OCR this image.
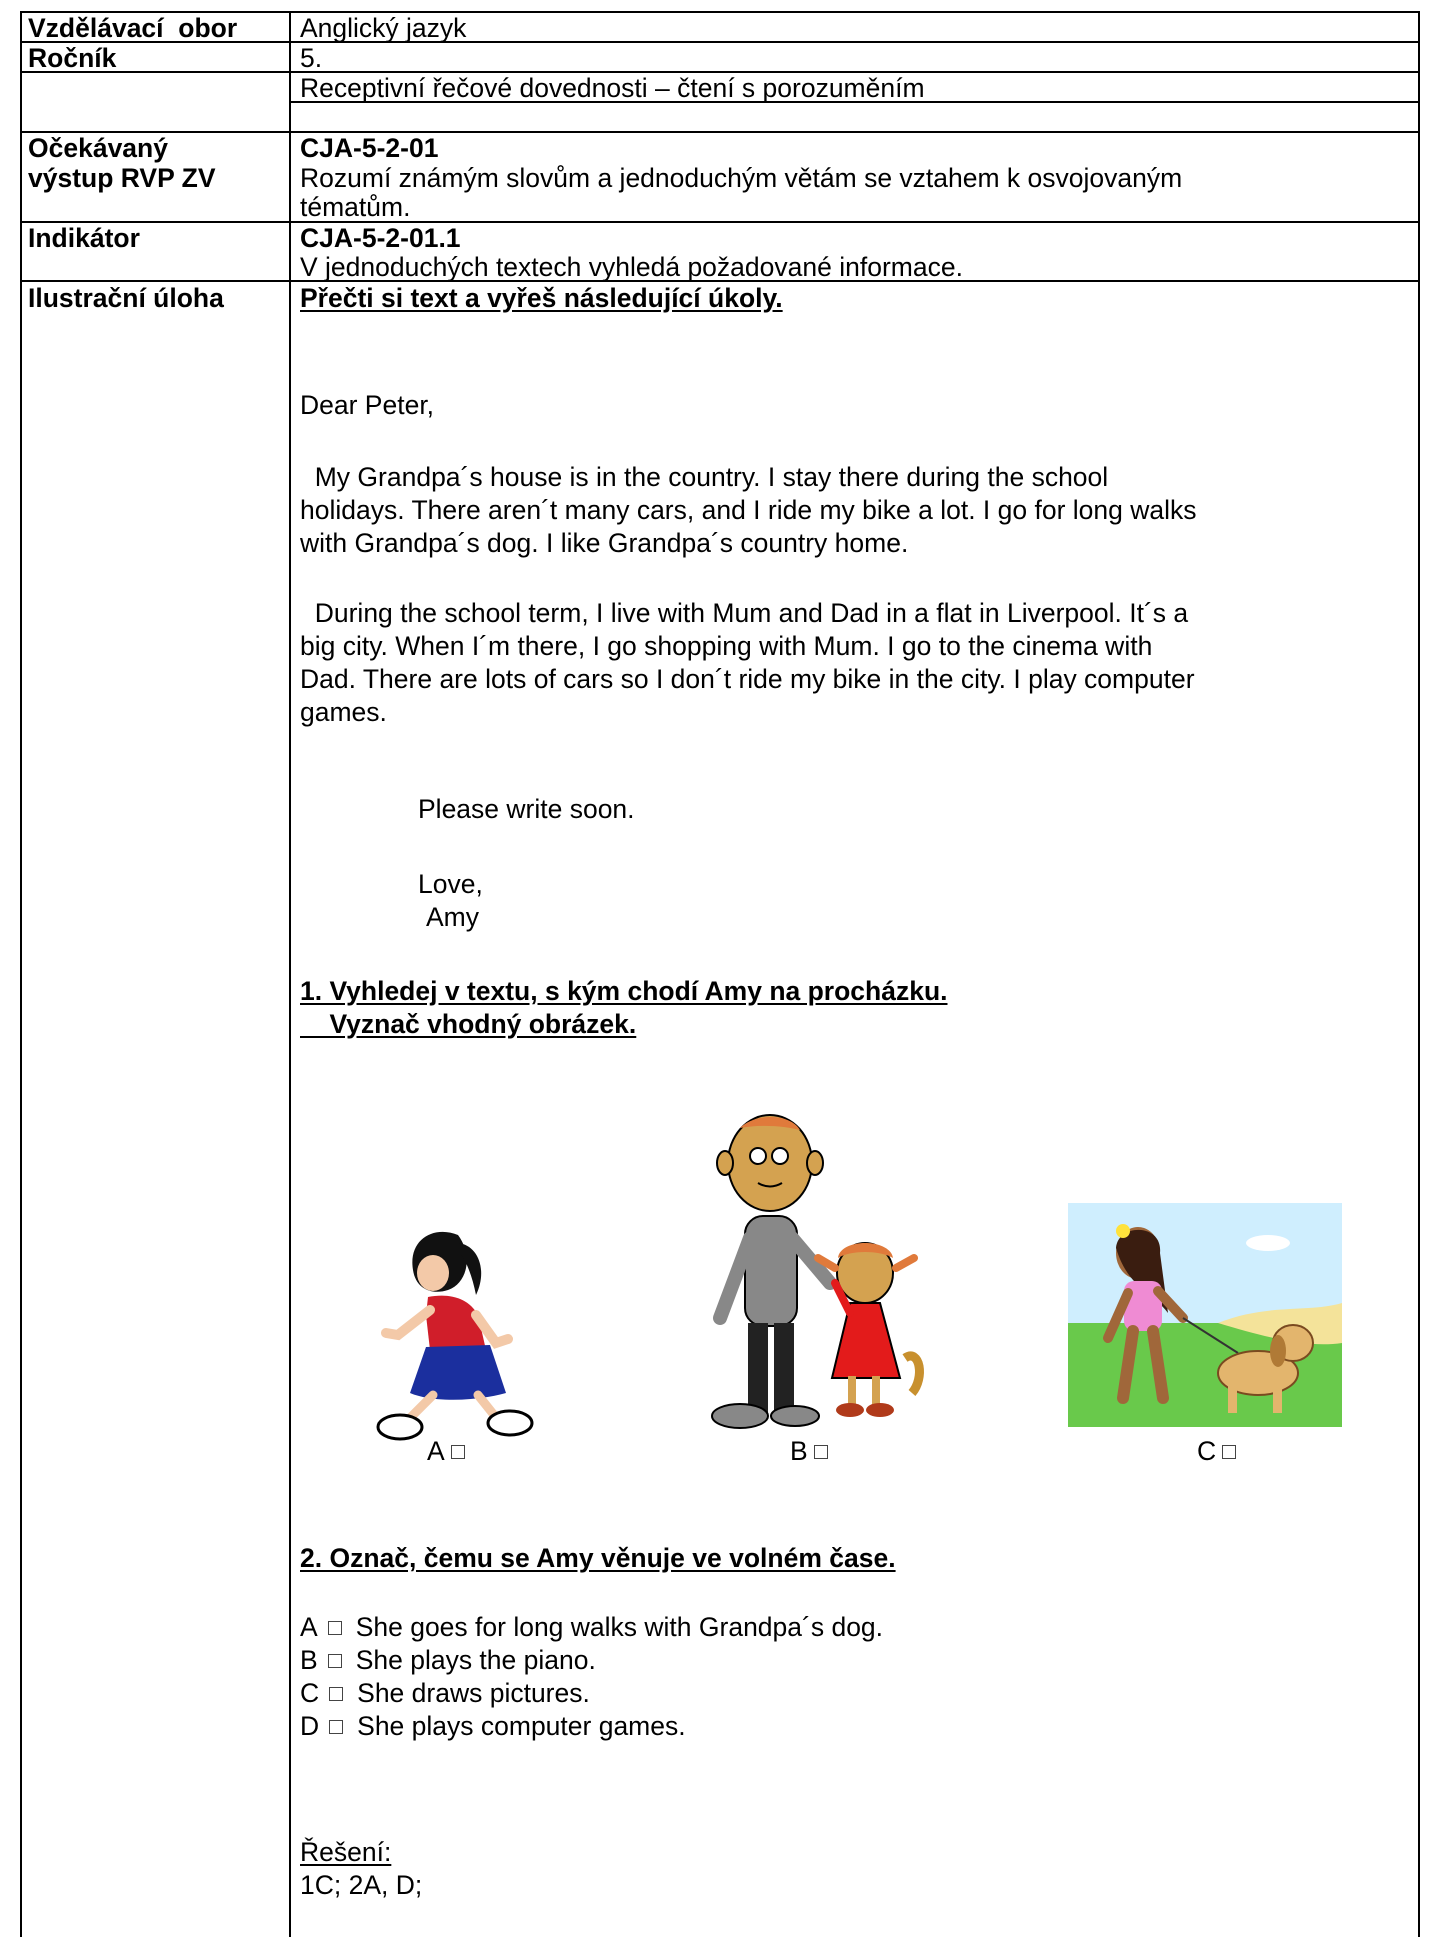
Vzdělávací  obor
Ročník
Očekávaný
výstup RVP ZV
Indikátor
Ilustrační úloha
Anglický jazyk
5.
Receptivní řečové dovednosti – čtení s porozuměním
CJA-5-2-01
Rozumí známým slovům a jednoduchým větám se vztahem k osvojovaným
tématům.
CJA-5-2-01.1
V jednoduchých textech vyhledá požadované informace.
Přečti si text a vyřeš následující úkoly.
Dear Peter,
My Grandpa´s house is in the country. I stay there during the school
holidays. There aren´t many cars, and I ride my bike a lot. I go for long walks
with Grandpa´s dog. I like Grandpa´s country home.
During the school term, I live with Mum and Dad in a flat in Liverpool. It´s a
big city. When I´m there, I go shopping with Mum. I go to the cinema with
Dad. There are lots of cars so I don´t ride my bike in the city. I play computer
games.
Please write soon.
Love,
Amy
1. Vyhledej v textu, s kým chodí Amy na procházku.
Vyznač vhodný obrázek.
A	B	C
2. Označ, čemu se Amy věnuje ve volném čase.
A She goes for long walks with Grandpa´s dog.
B She plays the piano.
C She draws pictures.
D She plays computer games.
Řešení:
1C; 2A, D;
